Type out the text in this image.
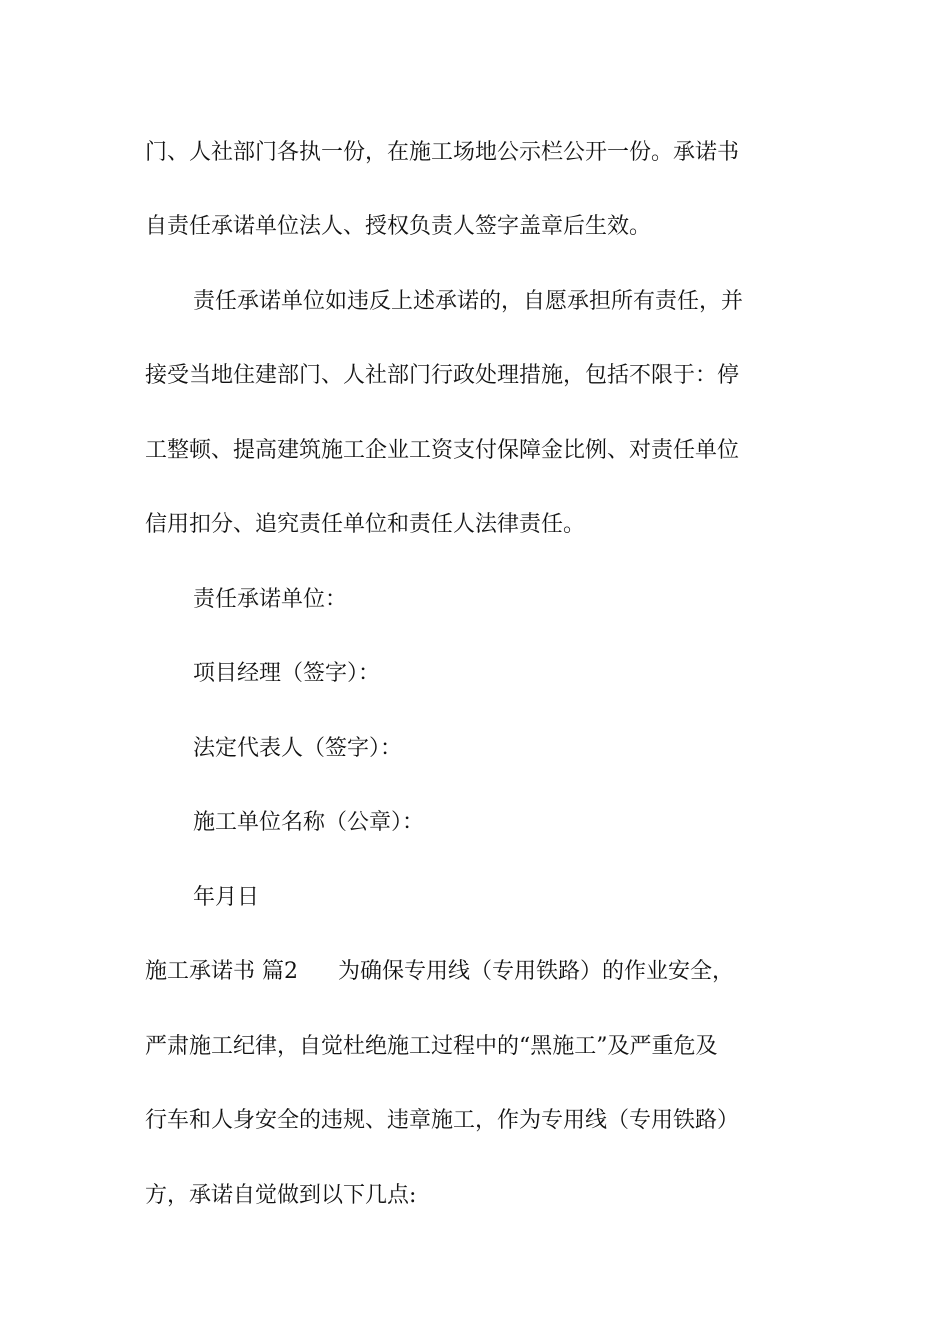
门、人社部门各执一份，在施工场地公示栏公开一份。承诺书
自责任承诺单位法人、授权负责人签字盖章后生效。
责任承诺单位如违反上述承诺的，自愿承担所有责任，并
接受当地住建部门、人社部门行政处理措施，包括不限于：停
工整顿、提高建筑施工企业工资支付保障金比例、对责任单位
信用扣分、追究责任单位和责任人法律责任。
责任承诺单位：
项目经理（签字）：
法定代表人（签字）：
施工单位名称（公章）：
年月日
施工承诺书 篇2 为确保专用线（专用铁路）的作业安全，
严肃施工纪律，自觉杜绝施工过程中的“黑施工”及严重危及
行车和人身安全的违规、违章施工，作为专用线（专用铁路）
方，承诺自觉做到以下几点:
